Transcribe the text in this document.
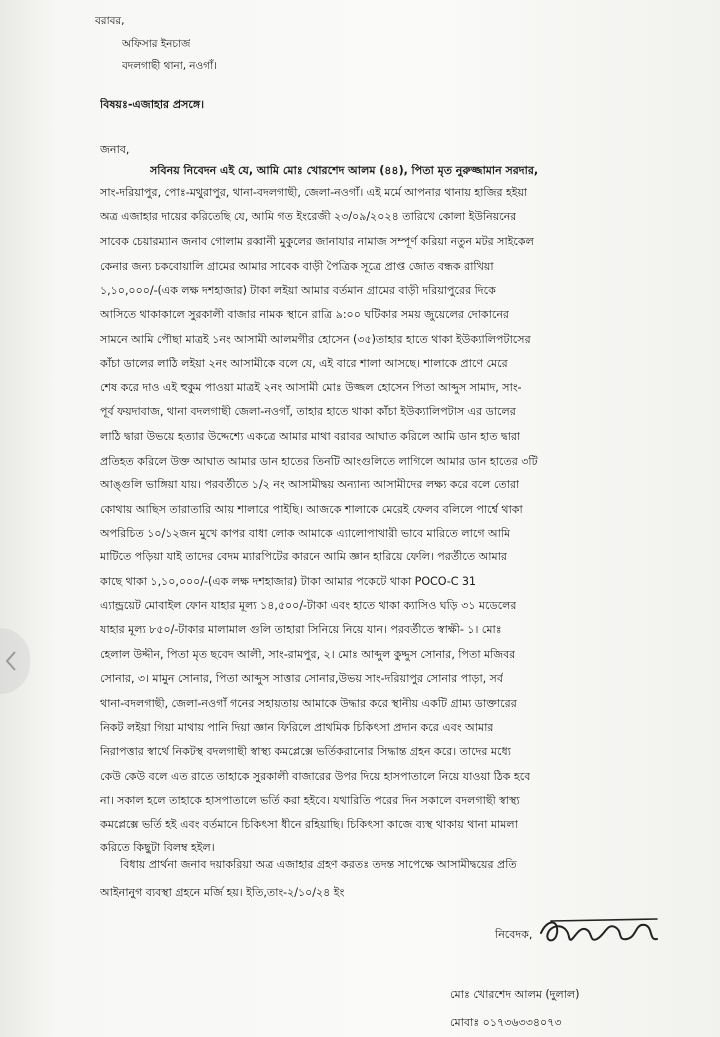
বরাবর,
অফিসার ইনচার্জ
বদলগাছী থানা, নওগাঁ।
বিষয়ঃ-এজাহার প্রসঙ্গে।
জনাব,
সবিনয় নিবেদন এই যে, আমি মোঃ খোরশেদ আলম (৪৪), পিতা মৃত নুরুজ্জামান সরদার,
সাং-দরিয়াপুর, পোঃ-মথুরাপুর, থানা-বদলগাছী, জেলা-নওগাঁ। এই মর্মে আপনার থানায় হাজির হইয়া
অত্র এজাহার দায়ের করিতেছি যে, আমি গত ইংরেজী ২৩/০৯/২০২৪ তারিখে কোলা ইউনিয়নের
সাবেক চেয়ারম্যান জনাব গোলাম রব্বানী মুকুলের জানাযার নামাজ সম্পূর্ণ করিয়া নতুন মটর সাইকেল
কেনার জন্য চকবোয়ালি গ্রামের আমার সাবেক বাড়ী পৈত্রিক সূত্রে প্রাপ্ত জোত বন্ধক রাখিয়া
১,১০,০০০/-(এক লক্ষ দশহাজার) টাকা লইয়া আমার বর্তমান গ্রামের বাড়ী দরিয়াপুরের দিকে
আসিতে থাকাকালে সুরকালী বাজার নামক স্থানে রাত্রি ৯:০০ ঘটিকার সময় জুয়েলের দোকানের
সামনে আমি পৌছা মাত্রই ১নং আসামী আলমগীর হোসেন (৩৫)তাহার হাতে থাকা ইউক্যালিপটাসের
কাঁচা ডালের লাঠি লইয়া ২নং আসামীকে বলে যে, এই বারে শালা আসছে। শালাকে প্রাণে মেরে
শেষ করে দাও এই হুকুম পাওয়া মাত্রই ২নং আসামী মোঃ উজ্জল হোসেন পিতা আব্দুস সামাদ, সাং-
পূর্ব ফয়দাবাজ, থানা বদলগাছী জেলা-নওগাঁ, তাহার হাতে থাকা কাঁচা ইউক্যালিপটাস এর ডালের
লাঠি দ্বারা উভয়ে হত্যার উদ্দেশ্যে একত্রে আমার মাথা বরাবর আঘাত করিলে আমি ডান হাত দ্বারা
প্রতিহত করিলে উক্ত আঘাত আমার ডান হাতের তিনটি আংগুলিতে লাগিলে আমার ডান হাতের ৩টি
আঙ্গুলি ভাঙ্গিয়া যায়। পরবর্তীতে ১/২ নং আসামীদ্বয় অন্যান্য আসামীদের লক্ষ্য করে বলে তোরা
কোথায় আছিস তারাতারি আয় শালারে পাইছি। আজকে শালাকে মেরেই ফেলব বলিলে পার্শ্বে থাকা
অপরিচিত ১০/১২জন মুখে কাপর বাধা লোক আমাকে এ্যালোপাথারী ভাবে মারিতে লাগে আমি
মাটিতে পড়িয়া যাই তাদের বেদম ম্যারপিটের কারনে আমি জ্ঞান হারিয়ে ফেলি। পরর্তীতে আমার
কাছে থাকা ১,১০,০০০/-(এক লক্ষ দশহাজার) টাকা আমার পকেটে থাকা POCO-C 31
এ্যান্ড্রয়েট মোবাইল ফোন যাহার মূল্য ১৪,৫০০/-টাকা এবং হাতে থাকা ক্যাসিও ঘড়ি ৩১ মডেলের
যাহার মূল্য ৮৫০/-টাকার মালামাল গুলি তাহারা সিনিয়ে নিয়ে যান। পরবর্তীতে স্বাক্ষী- ১। মোঃ
হেলাল উদ্দীন, পিতা মৃত ছবেদ আলী, সাং-রামপুর, ২। মোঃ আব্দুল কুদ্দুস সোনার, পিতা মজিবর
সোনার, ৩। মামুন সোনার, পিতা আব্দুস সাত্তার সোনার,উভয় সাং-দরিয়াপুর সোনার পাড়া, সর্ব
থানা-বদলগাছী, জেলা-নওগাঁ গনের সহায়তায় আমাকে উদ্ধার করে স্থানীয় একটি গ্রাম্য ডাক্তারের
নিকট লইয়া গিয়া মাথায় পানি দিয়া জ্ঞান ফিরিলে প্রাথমিক চিকিৎসা প্রদান করে এবং আমার
নিরাপত্তার স্বার্থে নিকটস্থ বদলগাছী স্বাস্থ্য কমপ্লেক্সে ভর্তিকরানোর সিদ্ধান্ত গ্রহন করে। তাদের মধ্যে
কেউ কেউ বলে এত রাতে তাহাকে সুরকালী বাজারের উপর দিয়ে হাসপাতালে নিয়ে যাওয়া ঠিক হবে
না। সকাল হলে তাহাকে হাসপাতালে ভর্তি করা হইবে। যথারিতি পরের দিন সকালে বদলগাছী স্বাস্থ্য
কমপ্লেক্সে ভর্তি হই এবং বর্তমানে চিকিৎসা ধীনে রহিয়াছি। চিকিৎসা কাজে ব্যস্থ থাকায় থানা মামলা
করিতে কিছুটা বিলম্ব হইল।
বিধায় প্রার্থনা জনাব দয়াকরিয়া অত্র এজাহার গ্রহণ করতঃ তদন্ত সাপেক্ষে আসামীদ্বয়ের প্রতি
আইনানুগ ব্যবস্থা গ্রহনে মর্জি হয়। ইতি,তাং-২/১০/২৪ ইং
নিবেদক,
মোঃ খোরশেদ আলম (দুলাল)
মোবাঃ ০১৭৩৬৩৩৪০৭৩
